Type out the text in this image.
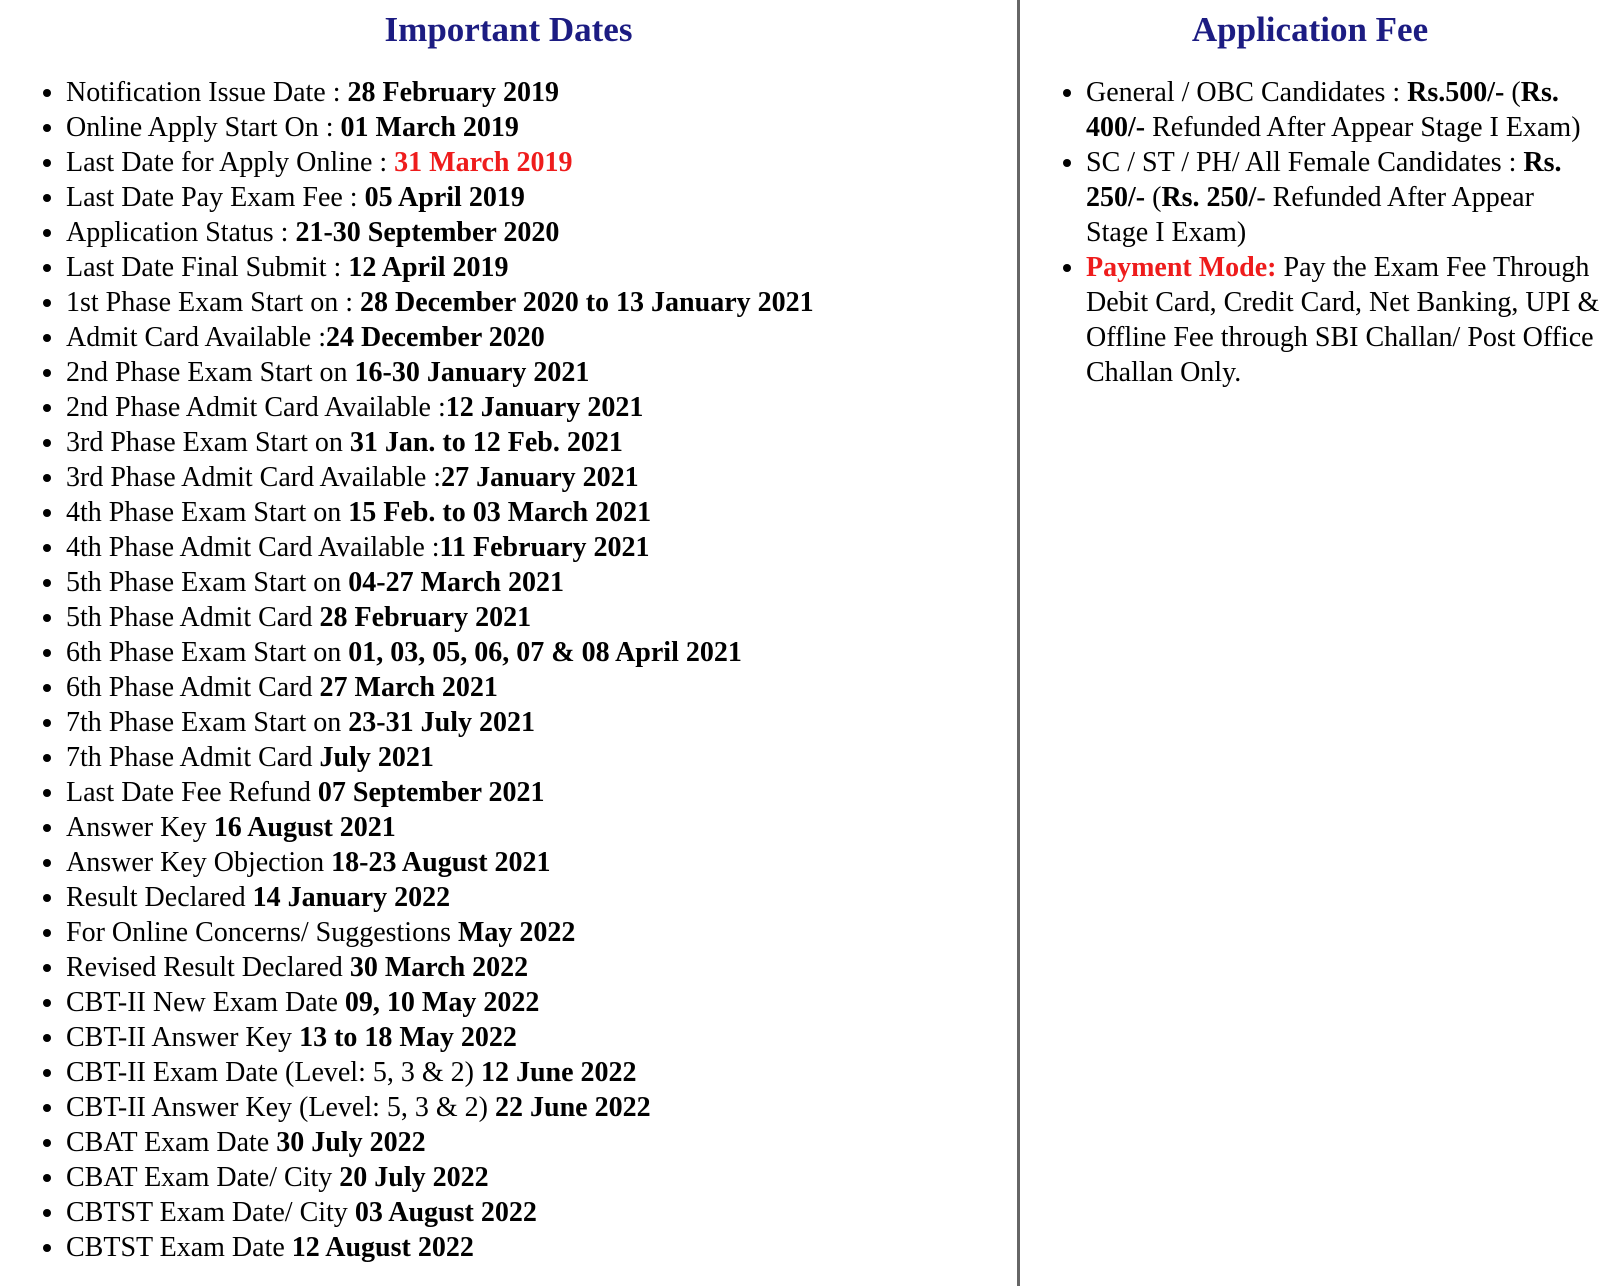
Important Dates
• Notification Issue Date : 28 February 2019
• Online Apply Start On : 01 March 2019
• Last Date for Apply Online : 31 March 2019
• Last Date Pay Exam Fee : 05 April 2019
• Application Status : 21-30 September 2020
• Last Date Final Submit : 12 April 2019
• 1st Phase Exam Start on : 28 December 2020 to 13 January 2021
• Admit Card Available :24 December 2020
• 2nd Phase Exam Start on 16-30 January 2021
• 2nd Phase Admit Card Available :12 January 2021
• 3rd Phase Exam Start on 31 Jan. to 12 Feb. 2021
• 3rd Phase Admit Card Available :27 January 2021
• 4th Phase Exam Start on 15 Feb. to 03 March 2021
• 4th Phase Admit Card Available :11 February 2021
• 5th Phase Exam Start on 04-27 March 2021
• 5th Phase Admit Card 28 February 2021
• 6th Phase Exam Start on 01, 03, 05, 06, 07 & 08 April 2021
• 6th Phase Admit Card 27 March 2021
• 7th Phase Exam Start on 23-31 July 2021
• 7th Phase Admit Card July 2021
• Last Date Fee Refund 07 September 2021
• Answer Key 16 August 2021
• Answer Key Objection 18-23 August 2021
• Result Declared 14 January 2022
• For Online Concerns/ Suggestions May 2022
• Revised Result Declared 30 March 2022
• CBT-II New Exam Date 09, 10 May 2022
• CBT-II Answer Key 13 to 18 May 2022
• CBT-II Exam Date (Level: 5, 3 & 2) 12 June 2022
• CBT-II Answer Key (Level: 5, 3 & 2) 22 June 2022
• CBAT Exam Date 30 July 2022
• CBAT Exam Date/ City 20 July 2022
• CBTST Exam Date/ City 03 August 2022
• CBTST Exam Date 12 August 2022
Application Fee
• General / OBC Candidates : Rs.500/- (Rs. 400/- Refunded After Appear Stage I Exam)
• SC / ST / PH/ All Female Candidates : Rs. 250/- (Rs. 250/- Refunded After Appear Stage I Exam)
• Payment Mode: Pay the Exam Fee Through Debit Card, Credit Card, Net Banking, UPI & Offline Fee through SBI Challan/ Post Office Challan Only.
